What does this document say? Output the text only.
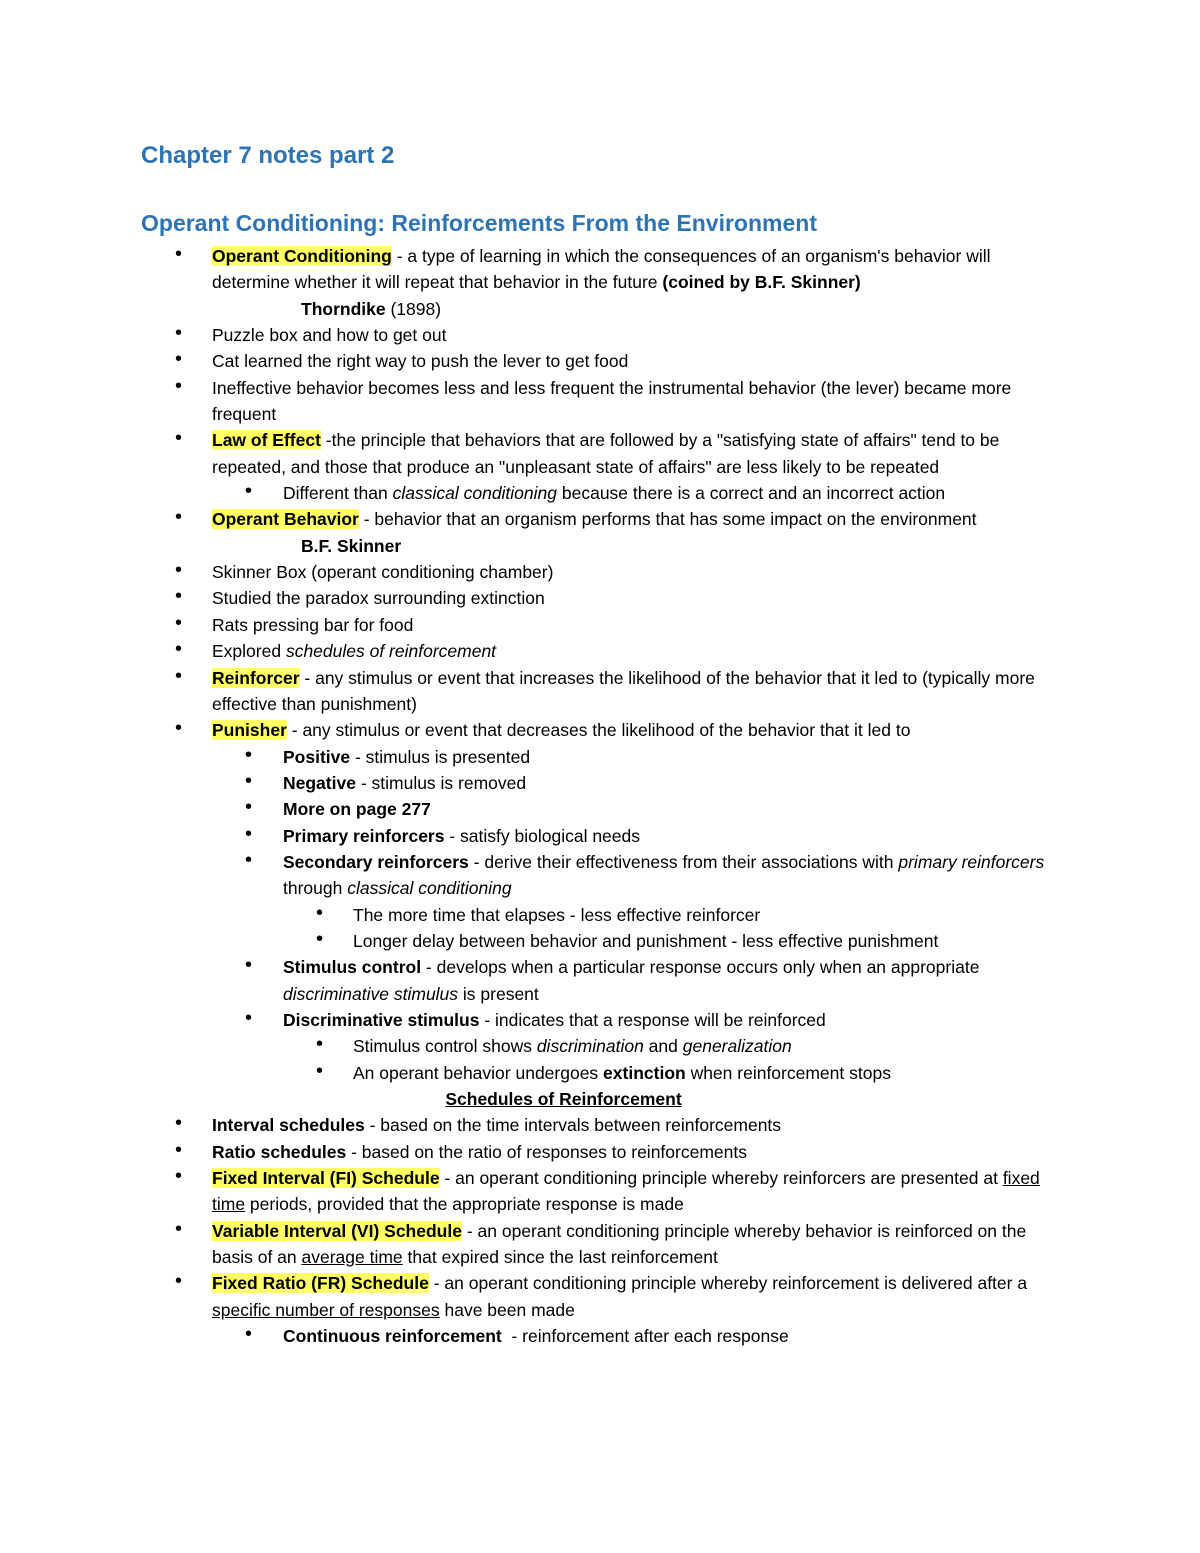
Chapter 7 notes part 2
Operant Conditioning: Reinforcements From the Environment
• Operant Conditioning - a type of learning in which the consequences of an organism's behavior will determine whether it will repeat that behavior in the future (coined by B.F. Skinner)
Thorndike (1898)
• Puzzle box and how to get out
• Cat learned the right way to push the lever to get food
• Ineffective behavior becomes less and less frequent the instrumental behavior (the lever) became more frequent
• Law of Effect -the principle that behaviors that are followed by a "satisfying state of affairs" tend to be repeated, and those that produce an "unpleasant state of affairs" are less likely to be repeated
• Different than classical conditioning because there is a correct and an incorrect action
• Operant Behavior - behavior that an organism performs that has some impact on the environment
B.F. Skinner
• Skinner Box (operant conditioning chamber)
• Studied the paradox surrounding extinction
• Rats pressing bar for food
• Explored schedules of reinforcement
• Reinforcer - any stimulus or event that increases the likelihood of the behavior that it led to (typically more effective than punishment)
• Punisher - any stimulus or event that decreases the likelihood of the behavior that it led to
• Positive - stimulus is presented
• Negative - stimulus is removed
• More on page 277
• Primary reinforcers - satisfy biological needs
• Secondary reinforcers - derive their effectiveness from their associations with primary reinforcers through classical conditioning
• The more time that elapses - less effective reinforcer
• Longer delay between behavior and punishment - less effective punishment
• Stimulus control - develops when a particular response occurs only when an appropriate discriminative stimulus is present
• Discriminative stimulus - indicates that a response will be reinforced
• Stimulus control shows discrimination and generalization
• An operant behavior undergoes extinction when reinforcement stops
Schedules of Reinforcement
• Interval schedules - based on the time intervals between reinforcements
• Ratio schedules - based on the ratio of responses to reinforcements
• Fixed Interval (FI) Schedule - an operant conditioning principle whereby reinforcers are presented at fixed time periods, provided that the appropriate response is made
• Variable Interval (VI) Schedule - an operant conditioning principle whereby behavior is reinforced on the basis of an average time that expired since the last reinforcement
• Fixed Ratio (FR) Schedule - an operant conditioning principle whereby reinforcement is delivered after a specific number of responses have been made
• Continuous reinforcement  - reinforcement after each response
